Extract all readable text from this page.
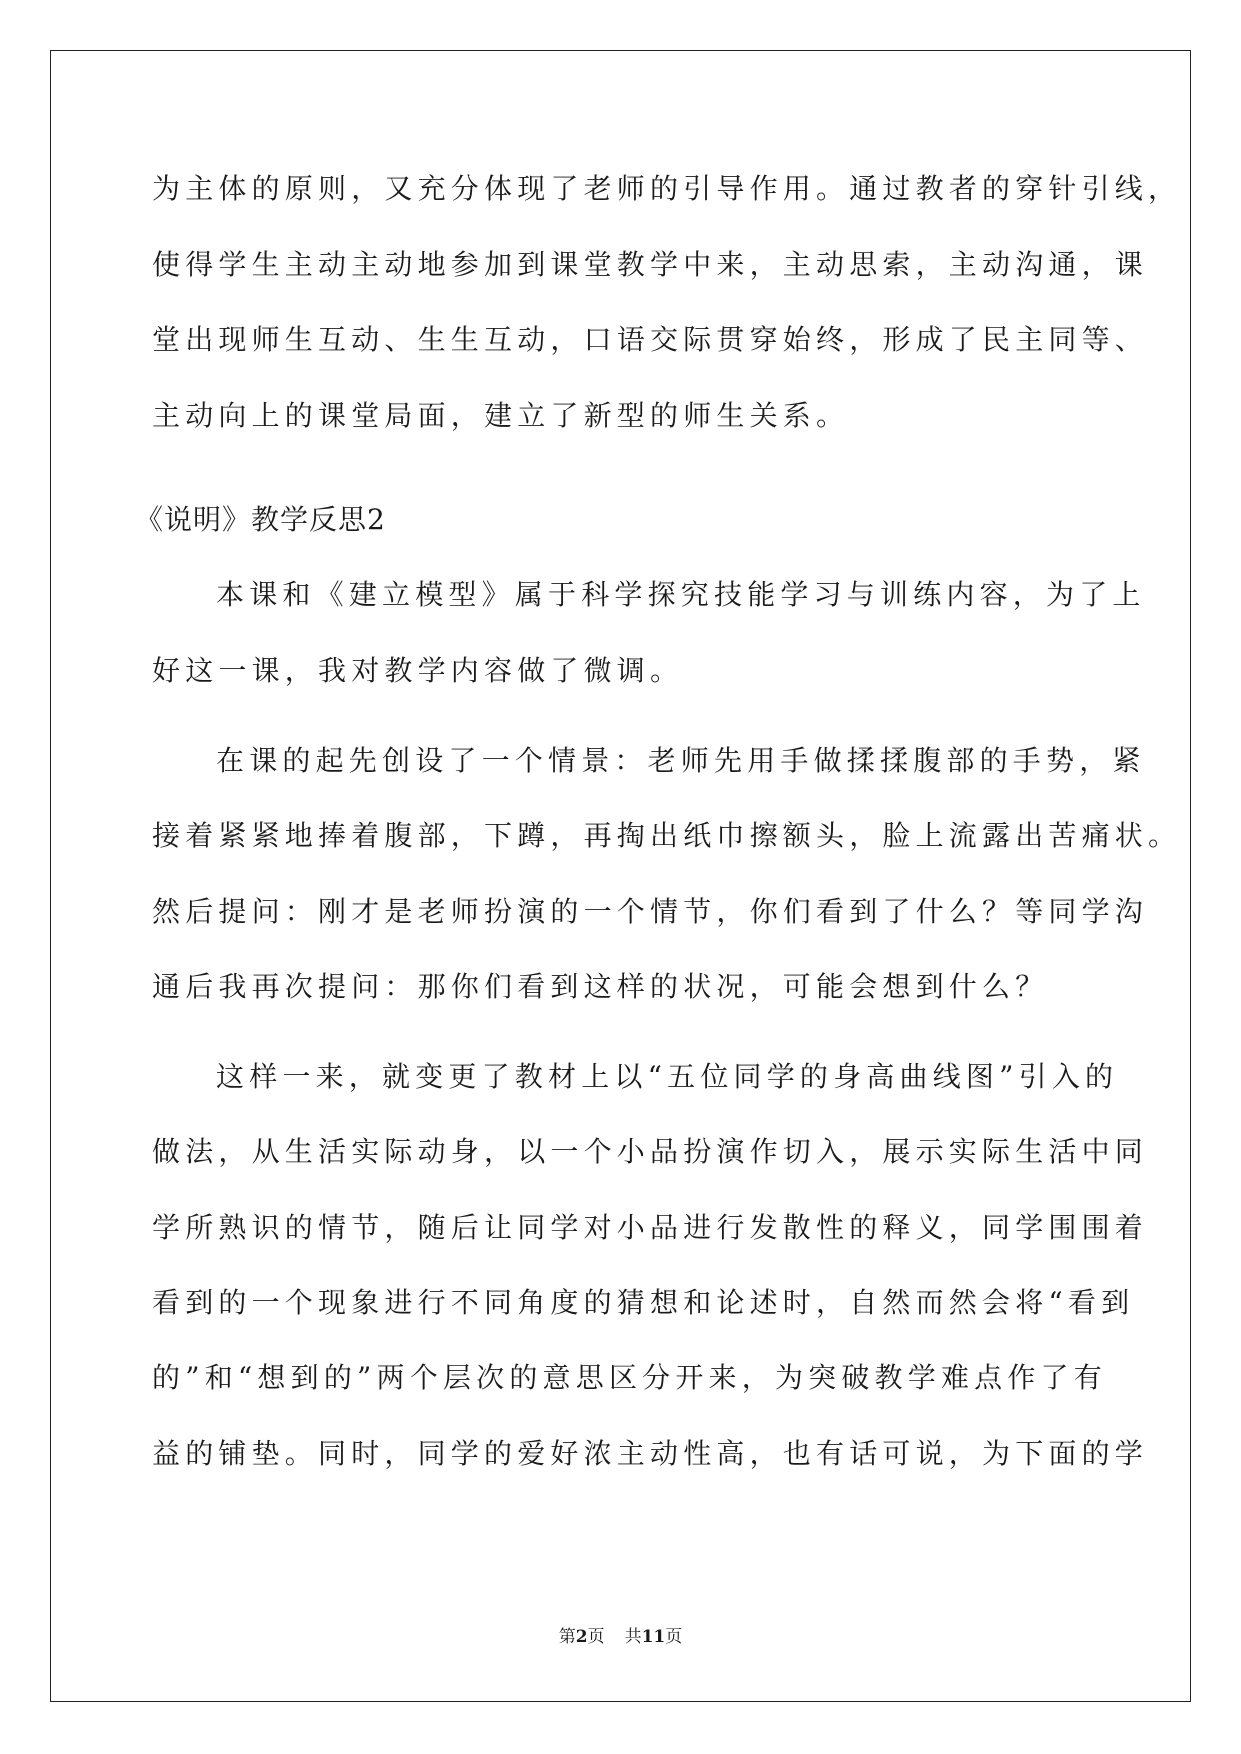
为主体的原则，又充分体现了老师的引导作用。通过教者的穿针引线，
使得学生主动主动地参加到课堂教学中来，主动思索，主动沟通，课
堂出现师生互动、生生互动，口语交际贯穿始终，形成了民主同等、
主动向上的课堂局面，建立了新型的师生关系。
《说明》教学反思2
本课和《建立模型》属于科学探究技能学习与训练内容，为了上
好这一课，我对教学内容做了微调。
在课的起先创设了一个情景：老师先用手做揉揉腹部的手势，紧
接着紧紧地捧着腹部，下蹲，再掏出纸巾擦额头，脸上流露出苦痛状。
然后提问：刚才是老师扮演的一个情节，你们看到了什么？等同学沟
通后我再次提问：那你们看到这样的状况，可能会想到什么？
这样一来，就变更了教材上以“五位同学的身高曲线图”引入的
做法，从生活实际动身，以一个小品扮演作切入，展示实际生活中同
学所熟识的情节，随后让同学对小品进行发散性的释义，同学围围着
看到的一个现象进行不同角度的猜想和论述时，自然而然会将“看到
的”和“想到的”两个层次的意思区分开来，为突破教学难点作了有
益的铺垫。同时，同学的爱好浓主动性高，也有话可说，为下面的学
第2页 共11页
